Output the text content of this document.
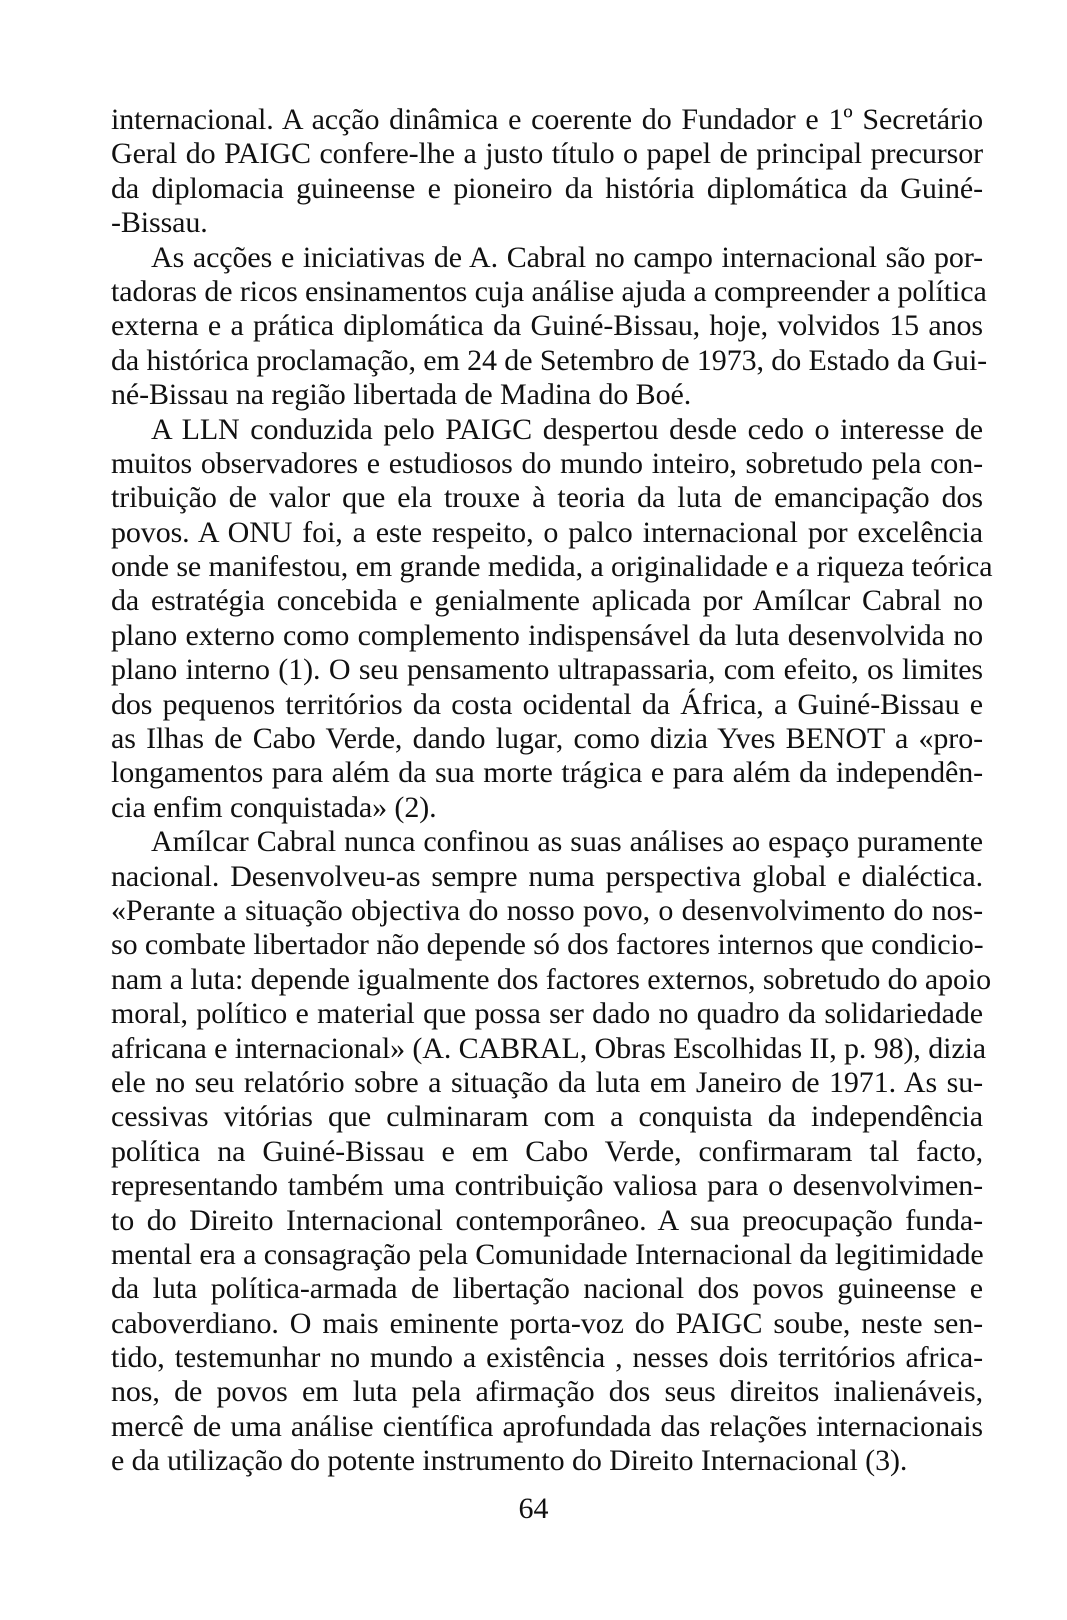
internacional. A acção dinâmica e coerente do Fundador e 1º Secretário
Geral do PAIGC confere-lhe a justo título o papel de principal precursor
da diplomacia guineense e pioneiro da história diplomática da Guiné-
-Bissau.
As acções e iniciativas de A. Cabral no campo internacional são por-
tadoras de ricos ensinamentos cuja análise ajuda a compreender a política
externa e a prática diplomática da Guiné-Bissau, hoje, volvidos 15 anos
da histórica proclamação, em 24 de Setembro de 1973, do Estado da Gui-
né-Bissau na região libertada de Madina do Boé.
A LLN conduzida pelo PAIGC despertou desde cedo o interesse de
muitos observadores e estudiosos do mundo inteiro, sobretudo pela con-
tribuição de valor que ela trouxe à teoria da luta de emancipação dos
povos. A ONU foi, a este respeito, o palco internacional por excelência
onde se manifestou, em grande medida, a originalidade e a riqueza teórica
da estratégia concebida e genialmente aplicada por Amílcar Cabral no
plano externo como complemento indispensável da luta desenvolvida no
plano interno (1). O seu pensamento ultrapassaria, com efeito, os limites
dos pequenos territórios da costa ocidental da África, a Guiné-Bissau e
as Ilhas de Cabo Verde, dando lugar, como dizia Yves BENOT a «pro-
longamentos para além da sua morte trágica e para além da independên-
cia enfim conquistada» (2).
Amílcar Cabral nunca confinou as suas análises ao espaço puramente
nacional. Desenvolveu-as sempre numa perspectiva global e dialéctica.
«Perante a situação objectiva do nosso povo, o desenvolvimento do nos-
so combate libertador não depende só dos factores internos que condicio-
nam a luta: depende igualmente dos factores externos, sobretudo do apoio
moral, político e material que possa ser dado no quadro da solidariedade
africana e internacional» (A. CABRAL, Obras Escolhidas II, p. 98), dizia
ele no seu relatório sobre a situação da luta em Janeiro de 1971. As su-
cessivas vitórias que culminaram com a conquista da independência
política na Guiné-Bissau e em Cabo Verde, confirmaram tal facto,
representando também uma contribuição valiosa para o desenvolvimen-
to do Direito Internacional contemporâneo. A sua preocupação funda-
mental era a consagração pela Comunidade Internacional da legitimidade
da luta política-armada de libertação nacional dos povos guineense e
caboverdiano. O mais eminente porta-voz do PAIGC soube, neste sen-
tido, testemunhar no mundo a existência , nesses dois territórios africa-
nos, de povos em luta pela afirmação dos seus direitos inalienáveis,
mercê de uma análise científica aprofundada das relações internacionais
e da utilização do potente instrumento do Direito Internacional (3).
64
